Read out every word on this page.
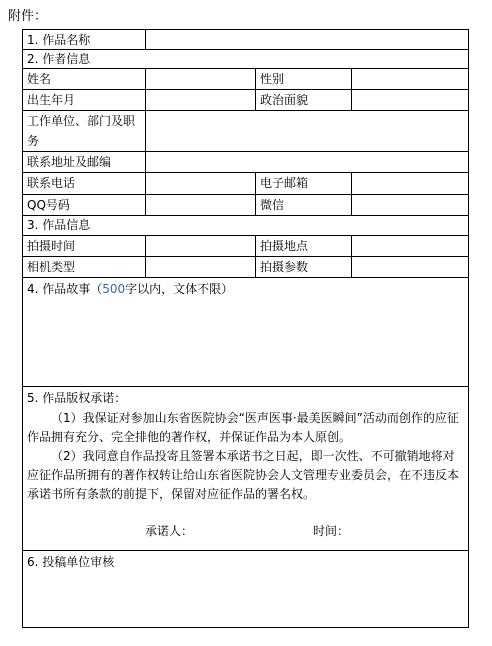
附件：
1. 作品名称			
2. 作者信息			
姓名		性别	
出生年月		政治面貌	
工作单位、部门及职务			
联系地址及邮编			
联系电话		电子邮箱	
QQ号码		微信	
3. 作品信息			
拍摄时间		拍摄地点	
相机类型		拍摄参数	
4. 作品故事（500字以内，文体不限）			

5. 作品版权承诺：

（1）我保证对参加山东省医院协会“医声医事·最美医瞬间”活动而创作的应征作品拥有充分、完全排他的著作权，并保证作品为本人原创。

（2）我同意自作品投寄且签署本承诺书之日起，即一次性、不可撤销地将对应征作品所拥有的著作权转让给山东省医院协会人文管理专业委员会，在不违反本承诺书所有条款的前提下，保留对应征作品的署名权。

承诺人： 时间：			

6. 投稿单位审核			
